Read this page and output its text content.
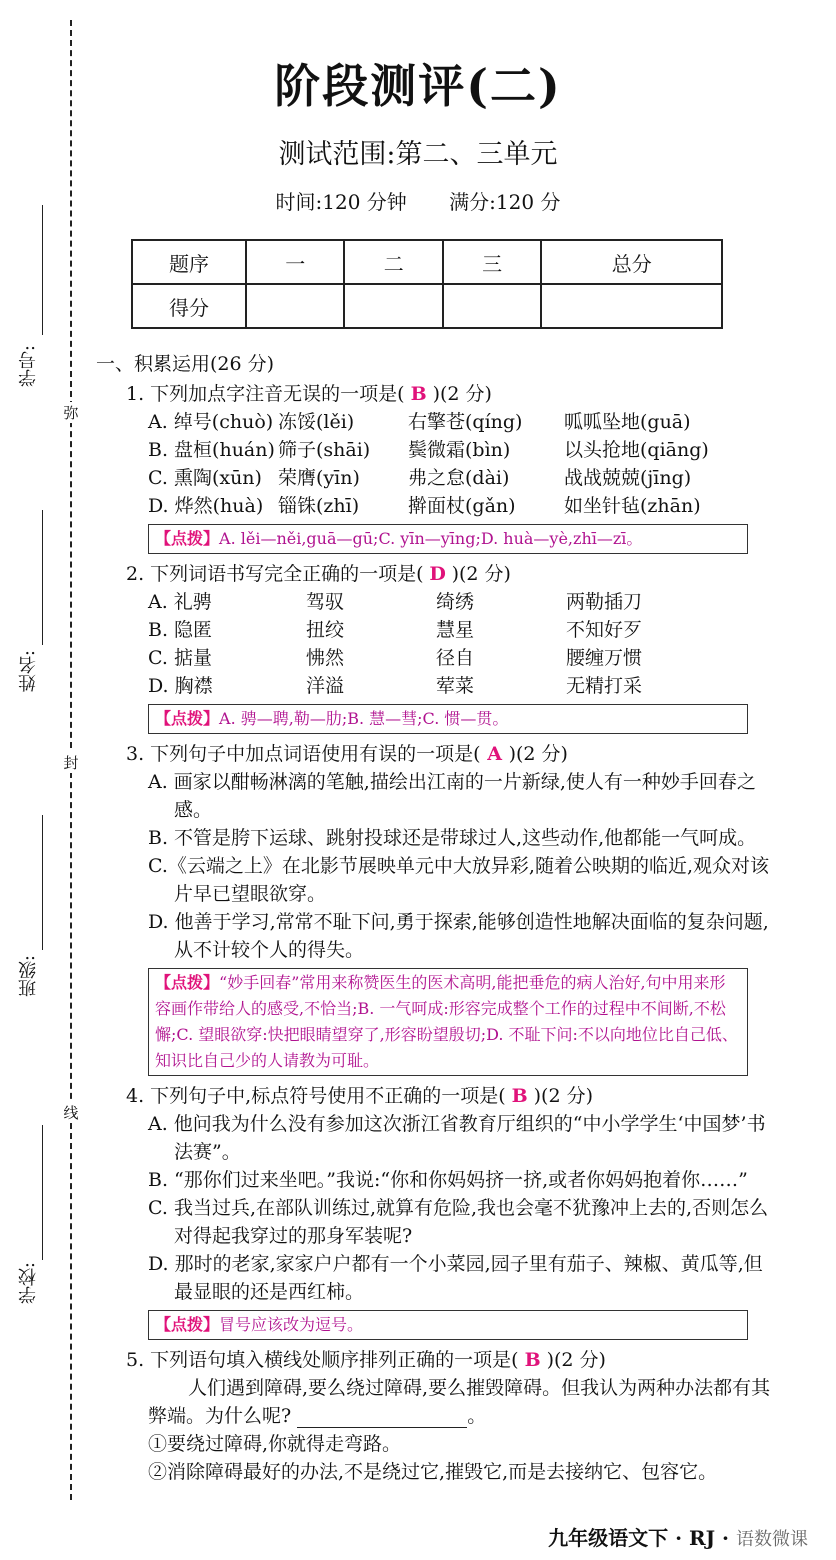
弥
封
线
学号:
姓名:
班级:
学校:
阶段测评(二)
测试范围:第二、三单元
时间:120 分钟 满分:120 分
题序	一	二	三	总分
得分				
一、积累运用(26 分)
1. 下列加点字注音无误的一项是( B )(2 分)
A. 绰号(chuò) 冻馁(lěi)	右擎苍(qíng)	呱呱坠地(guā)
B. 盘桓(huán) 筛子(shāi)	鬓微霜(bìn)	以头抢地(qiāng)
C. 熏陶(xūn) 荣膺(yīn)	弗之怠(dài)	战战兢兢(jīng)
D. 烨然(huà) 锱铢(zhī)	擀面杖(gǎn)	如坐针毡(zhān)
【点拨】A. lěi—něi,guā—gū;C. yīn—yīng;D. huà—yè,zhī—zī。
2. 下列词语书写完全正确的一项是( D )(2 分)
A. 礼骋	驾驭	绮绣	两勒插刀
B. 隐匿	扭绞	慧星	不知好歹
C. 掂量	怫然	径自	腰缠万惯
D. 胸襟	洋溢	荤菜	无精打采
【点拨】A. 骋—聘,勒—肋;B. 慧—彗;C. 惯—贯。
3. 下列句子中加点词语使用有误的一项是( A )(2 分)
A. 画家以酣畅淋漓的笔触,描绘出江南的一片新绿,使人有一种妙手回春之感。
B. 不管是胯下运球、跳射投球还是带球过人,这些动作,他都能一气呵成。
C.《云端之上》在北影节展映单元中大放异彩,随着公映期的临近,观众对该片早已望眼欲穿。
D. 他善于学习,常常不耻下问,勇于探索,能够创造性地解决面临的复杂问题,从不计较个人的得失。
【点拨】“妙手回春”常用来称赞医生的医术高明,能把垂危的病人治好,句中用来形容画作带给人的感受,不恰当;B. 一气呵成:形容完成整个工作的过程中不间断,不松懈;C. 望眼欲穿:快把眼睛望穿了,形容盼望殷切;D. 不耻下问:不以向地位比自己低、知识比自己少的人请教为可耻。
4. 下列句子中,标点符号使用不正确的一项是( B )(2 分)
A. 他问我为什么没有参加这次浙江省教育厅组织的“中小学学生‘中国梦’书法赛”。
B. “那你们过来坐吧。”我说:“你和你妈妈挤一挤,或者你妈妈抱着你……”
C. 我当过兵,在部队训练过,就算有危险,我也会毫不犹豫冲上去的,否则怎么对得起我穿过的那身军装呢?
D. 那时的老家,家家户户都有一个小菜园,园子里有茄子、辣椒、黄瓜等,但最显眼的还是西红柿。
【点拨】冒号应该改为逗号。
5. 下列语句填入横线处顺序排列正确的一项是( B )(2 分)
人们遇到障碍,要么绕过障碍,要么摧毁障碍。但我认为两种办法都有其弊端。为什么呢?	。
①要绕过障碍,你就得走弯路。
②消除障碍最好的办法,不是绕过它,摧毁它,而是去接纳它、包容它。
九年级语文下 · RJ · 语数微课
